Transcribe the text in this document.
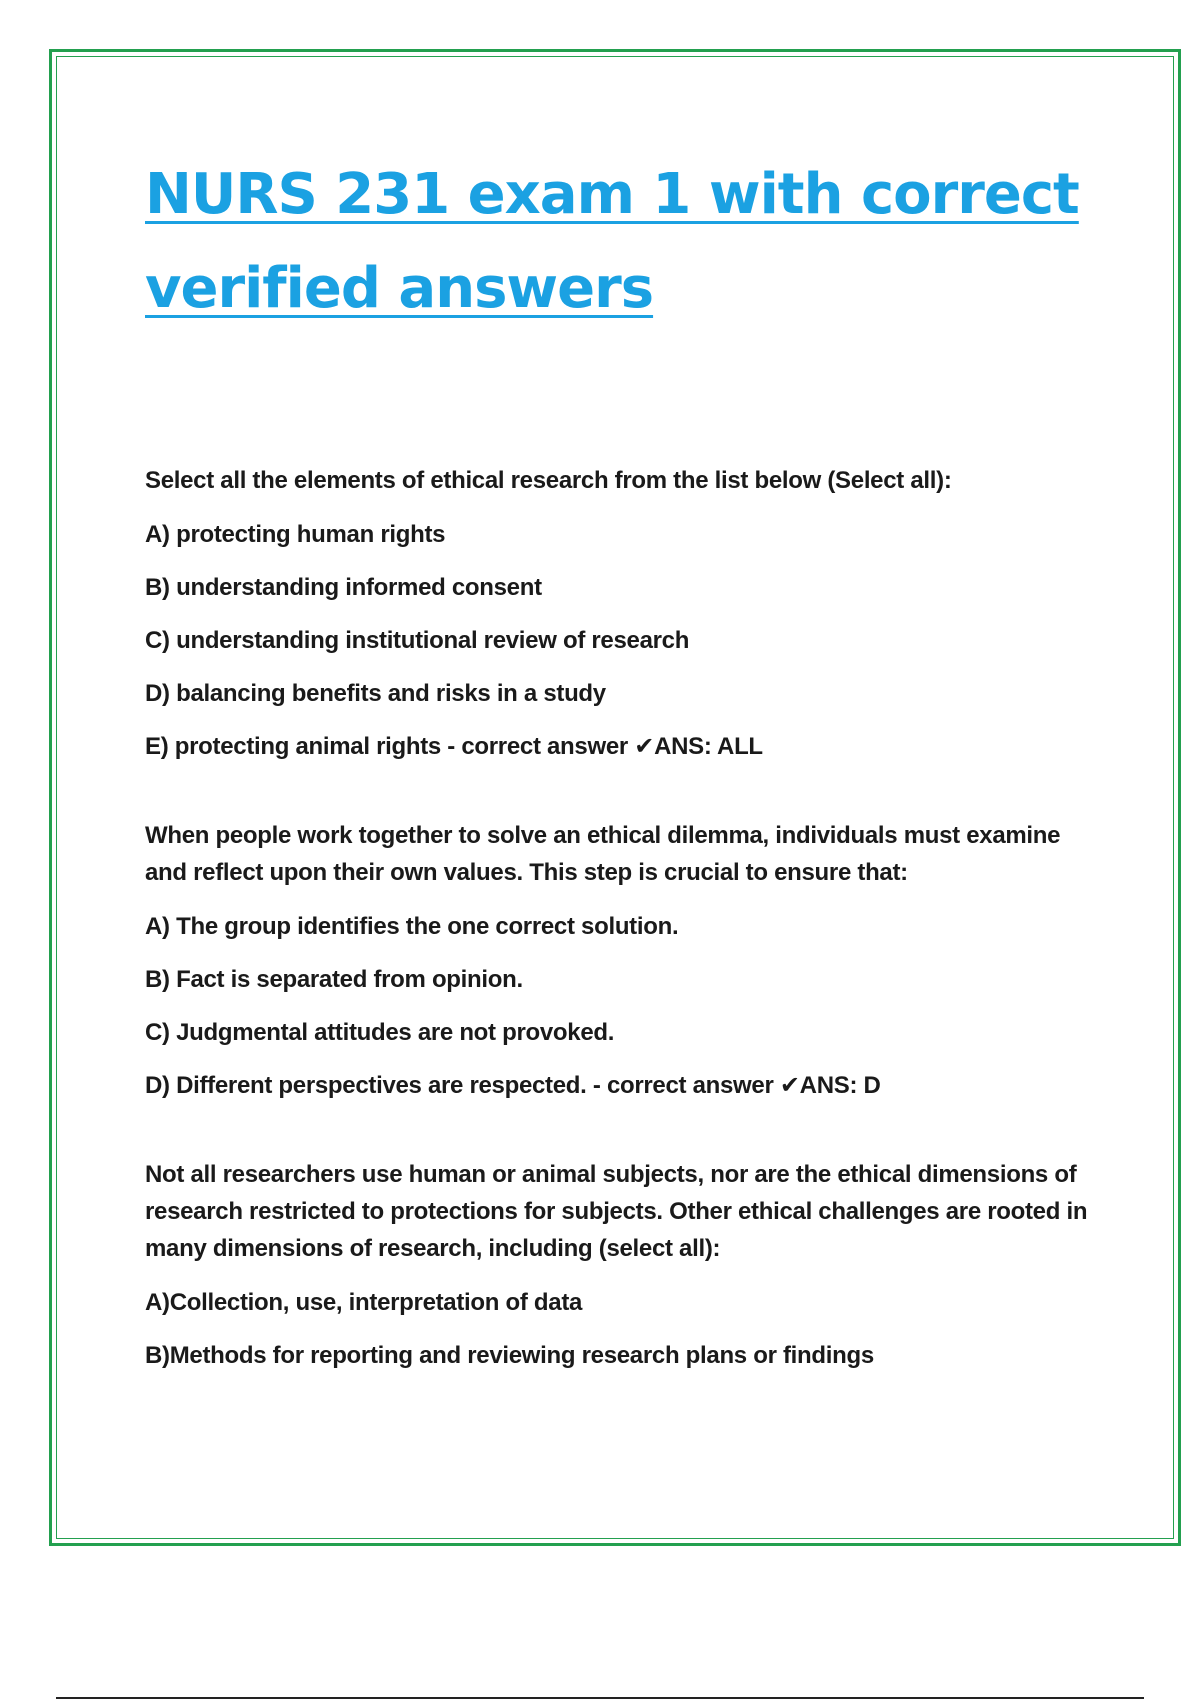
NURS 231 exam 1 with correct verified answers

Select all the elements of ethical research from the list below (Select all):

A) protecting human rights

B) understanding informed consent

C) understanding institutional review of research

D) balancing benefits and risks in a study

E) protecting animal rights - correct answer ✔ANS: ALL

When people work together to solve an ethical dilemma, individuals must examine and reflect upon their own values. This step is crucial to ensure that:

A) The group identifies the one correct solution.

B) Fact is separated from opinion.

C) Judgmental attitudes are not provoked.

D) Different perspectives are respected. - correct answer ✔ANS: D

Not all researchers use human or animal subjects, nor are the ethical dimensions of research restricted to protections for subjects. Other ethical challenges are rooted in many dimensions of research, including (select all):

A)Collection, use, interpretation of data

B)Methods for reporting and reviewing research plans or findings
